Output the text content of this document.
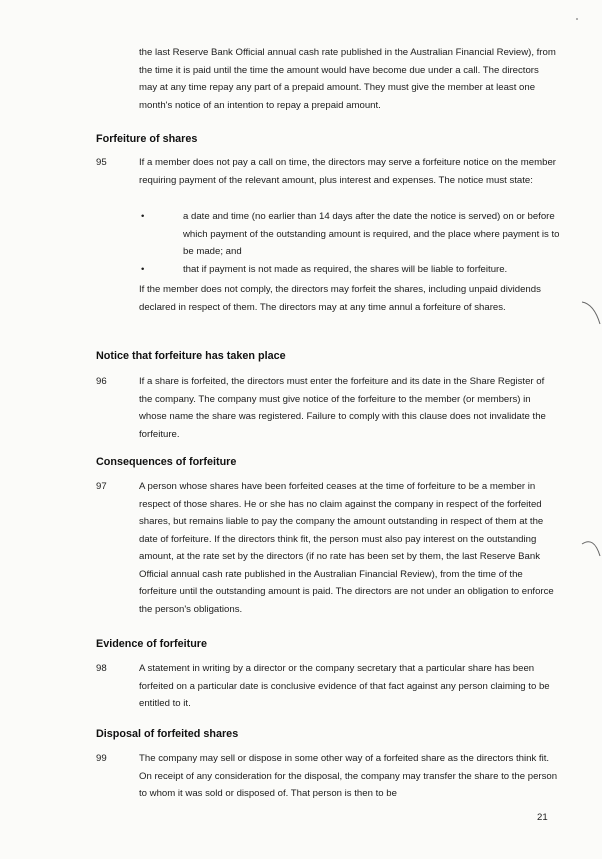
the last Reserve Bank Official annual cash rate published in the Australian Financial Review), from the time it is paid until the time the amount would have become due under a call. The directors may at any time repay any part of a prepaid amount. They must give the member at least one month's notice of an intention to repay a prepaid amount.

Forfeiture of shares
95	If a member does not pay a call on time, the directors may serve a forfeiture notice on the member requiring payment of the relevant amount, plus interest and expenses. The notice must state:

•	a date and time (no earlier than 14 days after the date the notice is served) on or before which payment of the outstanding amount is required, and the place where payment is to be made; and

•	that if payment is not made as required, the shares will be liable to forfeiture.

If the member does not comply, the directors may forfeit the shares, including unpaid dividends declared in respect of them. The directors may at any time annul a forfeiture of shares.

Notice that forfeiture has taken place
96	If a share is forfeited, the directors must enter the forfeiture and its date in the Share Register of the company. The company must give notice of the forfeiture to the member (or members) in whose name the share was registered. Failure to comply with this clause does not invalidate the forfeiture.

Consequences of forfeiture
97	A person whose shares have been forfeited ceases at the time of forfeiture to be a member in respect of those shares. He or she has no claim against the company in respect of the forfeited shares, but remains liable to pay the company the amount outstanding in respect of them at the date of forfeiture. If the directors think fit, the person must also pay interest on the outstanding amount, at the rate set by the directors (if no rate has been set by them, the last Reserve Bank Official annual cash rate published in the Australian Financial Review), from the time of the forfeiture until the outstanding amount is paid. The directors are not under an obligation to enforce the person's obligations.

Evidence of forfeiture
98	A statement in writing by a director or the company secretary that a particular share has been forfeited on a particular date is conclusive evidence of that fact against any person claiming to be entitled to it.

Disposal of forfeited shares
99	The company may sell or dispose in some other way of a forfeited share as the directors think fit. On receipt of any consideration for the disposal, the company may transfer the share to the person to whom it was sold or disposed of. That person is then to be

21
